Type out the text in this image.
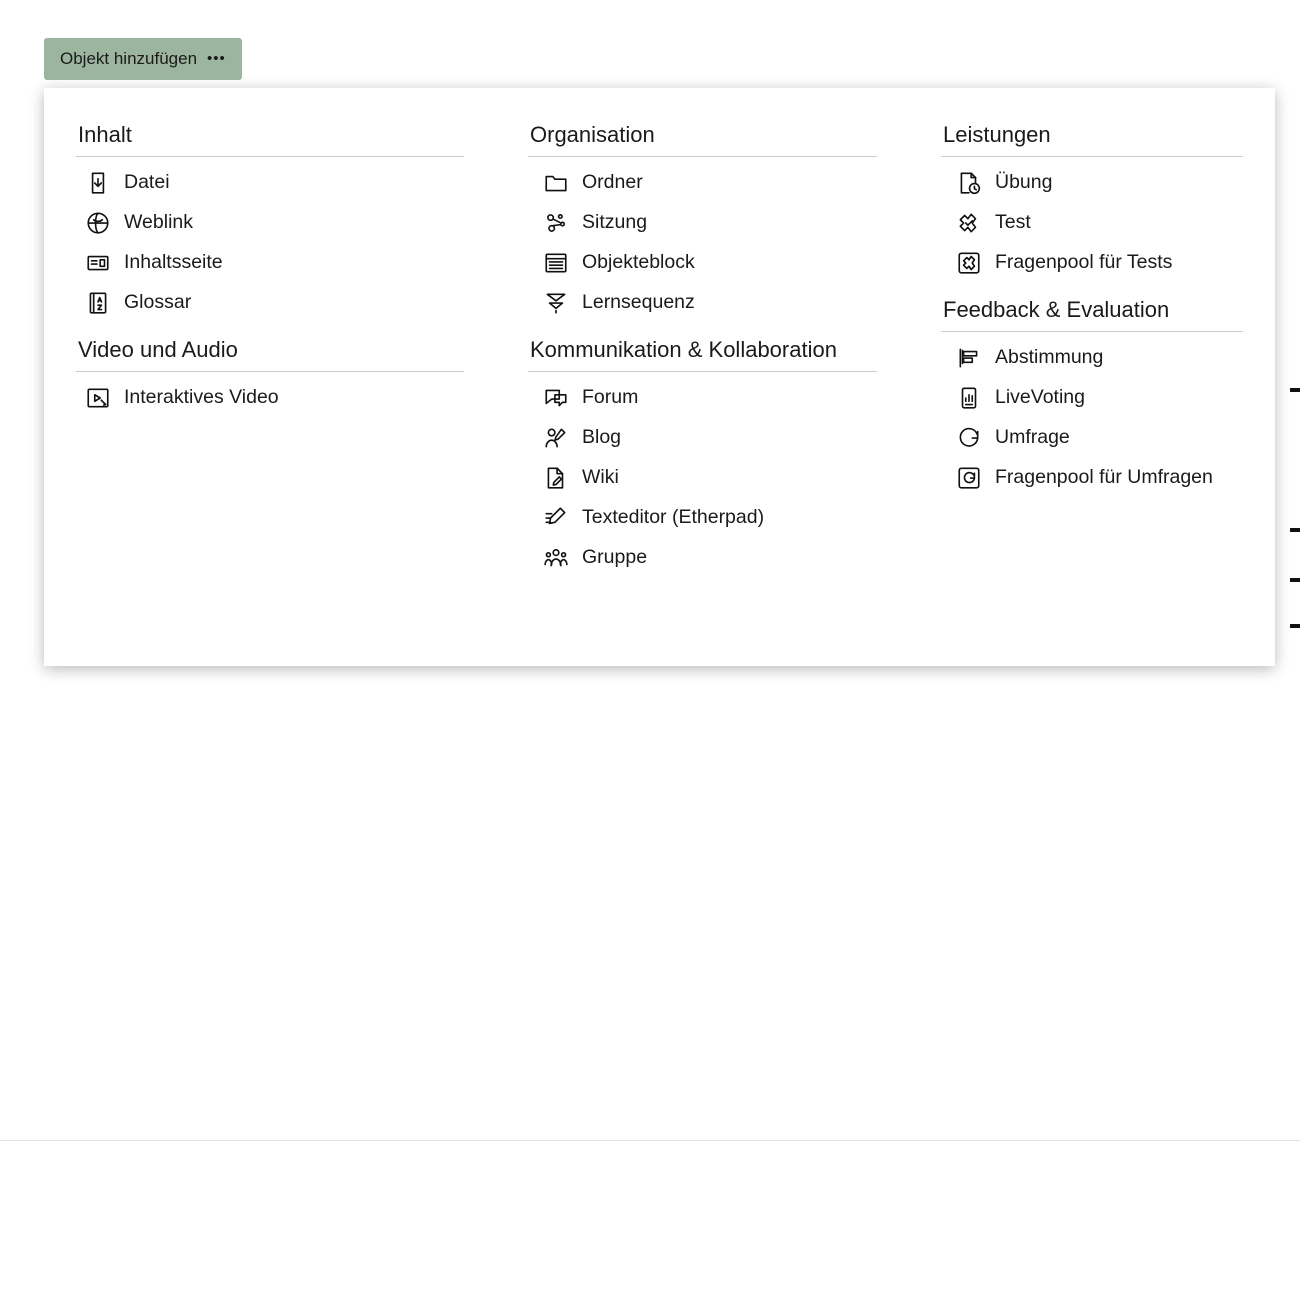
Objekt hinzufügen •••
Inhalt
Datei
Weblink
Inhaltsseite
Glossar
Video und Audio
Interaktives Video
Organisation
Ordner
Sitzung
Objekteblock
Lernsequenz
Kommunikation & Kollaboration
Forum
Blog
Wiki
Texteditor (Etherpad)
Gruppe
Leistungen
Übung
Test
Fragenpool für Tests
Feedback & Evaluation
Abstimmung
LiveVoting
Umfrage
Fragenpool für Umfragen
